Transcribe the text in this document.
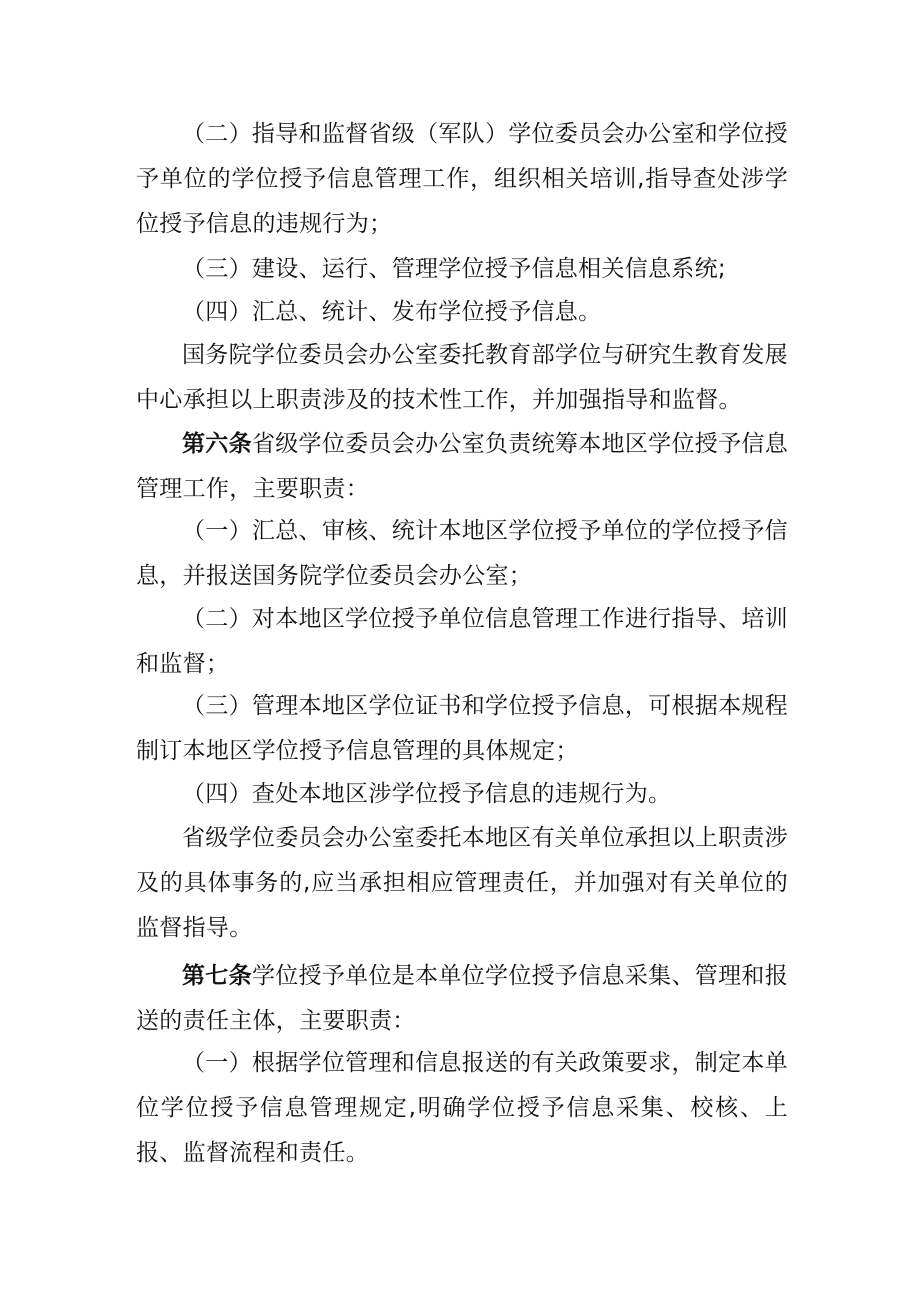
（二）指导和监督省级（军队）学位委员会办公室和学位授予单位的学位授予信息管理工作，组织相关培训,指导查处涉学位授予信息的违规行为；

（三）建设、运行、管理学位授予信息相关信息系统;

（四）汇总、统计、发布学位授予信息。

国务院学位委员会办公室委托教育部学位与研究生教育发展中心承担以上职责涉及的技术性工作，并加强指导和监督。

第六条省级学位委员会办公室负责统筹本地区学位授予信息管理工作，主要职责：

（一）汇总、审核、统计本地区学位授予单位的学位授予信息，并报送国务院学位委员会办公室；

（二）对本地区学位授予单位信息管理工作进行指导、培训和监督；

（三）管理本地区学位证书和学位授予信息，可根据本规程制订本地区学位授予信息管理的具体规定；

（四）查处本地区涉学位授予信息的违规行为。

省级学位委员会办公室委托本地区有关单位承担以上职责涉及的具体事务的,应当承担相应管理责任，并加强对有关单位的监督指导。

第七条学位授予单位是本单位学位授予信息采集、管理和报送的责任主体，主要职责：

（一）根据学位管理和信息报送的有关政策要求，制定本单位学位授予信息管理规定,明确学位授予信息采集、校核、上报、监督流程和责任。
